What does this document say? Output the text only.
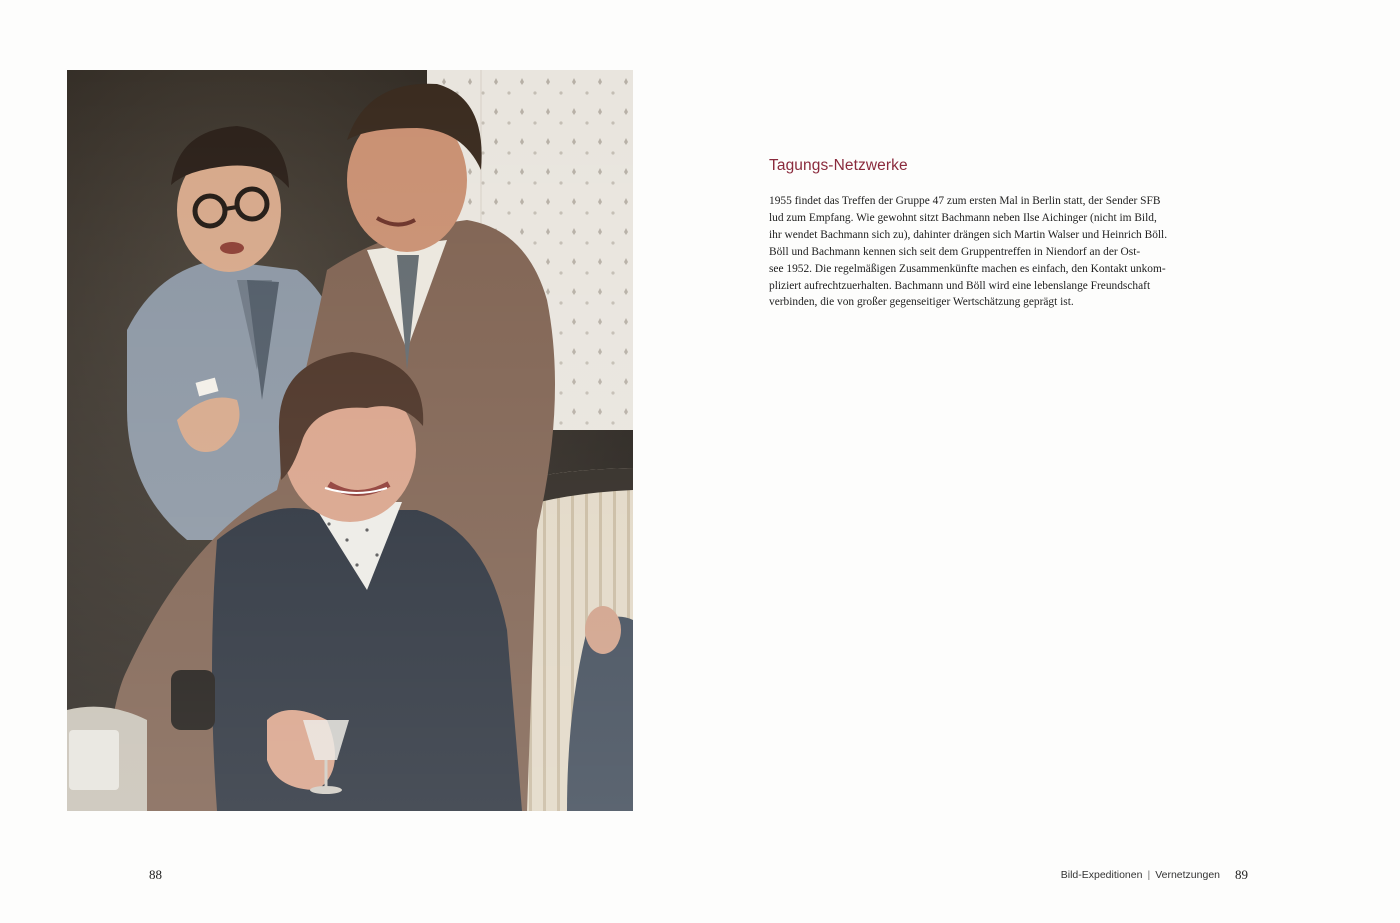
Tagungs-Netzwerke

1955 findet das Treffen der Gruppe 47 zum ersten Mal in Berlin statt, der Sender SFB
lud zum Empfang. Wie gewohnt sitzt Bachmann neben Ilse Aichinger (nicht im Bild,
ihr wendet Bachmann sich zu), dahinter drängen sich Martin Walser und Heinrich Böll.
Böll und Bachmann kennen sich seit dem Gruppentreffen in Niendorf an der Ost-
see 1952. Die regelmäßigen Zusammenkünfte machen es einfach, den Kontakt unkom-
pliziert aufrechtzuerhalten. Bachmann und Böll wird eine lebenslange Freundschaft
verbinden, die von großer gegenseitiger Wertschätzung geprägt ist.

88	Bild-Expeditionen | Vernetzungen 89
